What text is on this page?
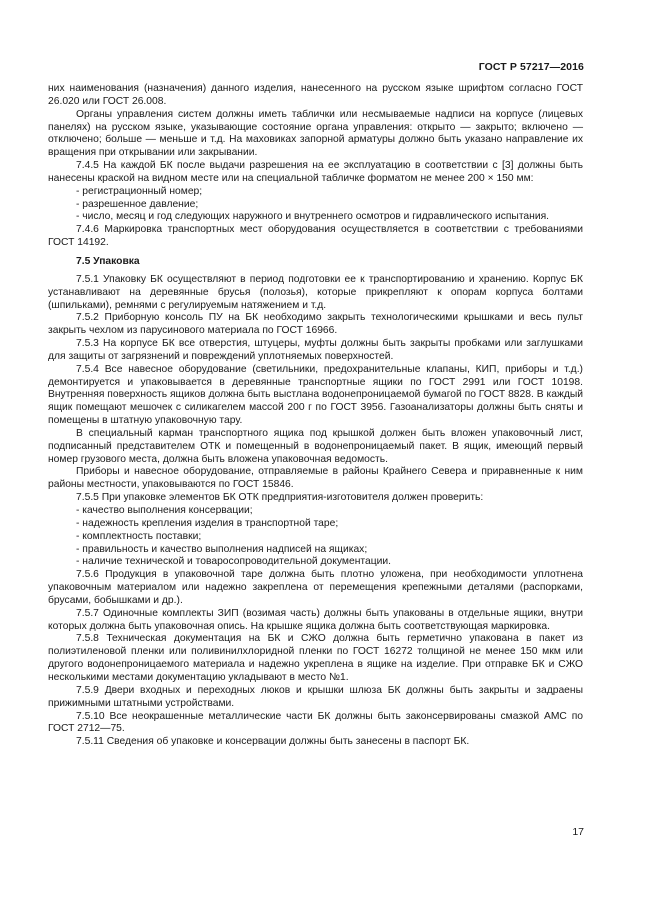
ГОСТ Р 57217—2016

них наименования (назначения) данного изделия, нанесенного на русском языке шрифтом согласно ГОСТ 26.020 или ГОСТ 26.008.

Органы управления систем должны иметь таблички или несмываемые надписи на корпусе (лицевых панелях) на русском языке, указывающие состояние органа управления: открыто — закрыто; включено — отключено; больше — меньше и т.д. На маховиках запорной арматуры должно быть указано направление их вращения при открывании или закрывании.

7.4.5 На каждой БК после выдачи разрешения на ее эксплуатацию в соответствии с [3] должны быть нанесены краской на видном месте или на специальной табличке форматом не менее 200 × 150 мм:

- регистрационный номер;

- разрешенное давление;

- число, месяц и год следующих наружного и внутреннего осмотров и гидравлического испытания.

7.4.6 Маркировка транспортных мест оборудования осуществляется в соответствии с требованиями ГОСТ 14192.

7.5 Упаковка

7.5.1 Упаковку БК осуществляют в период подготовки ее к транспортированию и хранению. Корпус БК устанавливают на деревянные брусья (полозья), которые прикрепляют к опорам корпуса болтами (шпильками), ремнями с регулируемым натяжением и т.д.

7.5.2 Приборную консоль ПУ на БК необходимо закрыть технологическими крышками и весь пульт закрыть чехлом из парусинового материала по ГОСТ 16966.

7.5.3 На корпусе БК все отверстия, штуцеры, муфты должны быть закрыты пробками или заглушками для защиты от загрязнений и повреждений уплотняемых поверхностей.

7.5.4 Все навесное оборудование (светильники, предохранительные клапаны, КИП, приборы и т.д.) демонтируется и упаковывается в деревянные транспортные ящики по ГОСТ 2991 или ГОСТ 10198. Внутренняя поверхность ящиков должна быть выстлана водонепроницаемой бумагой по ГОСТ 8828. В каждый ящик помещают мешочек с силикагелем массой 200 г по ГОСТ 3956. Газоанализаторы должны быть сняты и помещены в штатную упаковочную тару.

В специальный карман транспортного ящика под крышкой должен быть вложен упаковочный лист, подписанный представителем ОТК и помещенный в водонепроницаемый пакет. В ящик, имеющий первый номер грузового места, должна быть вложена упаковочная ведомость.

Приборы и навесное оборудование, отправляемые в районы Крайнего Севера и приравненные к ним районы местности, упаковываются по ГОСТ 15846.

7.5.5 При упаковке элементов БК ОТК предприятия-изготовителя должен проверить:

- качество выполнения консервации;

- надежность крепления изделия в транспортной таре;

- комплектность поставки;

- правильность и качество выполнения надписей на ящиках;

- наличие технической и товаросопроводительной документации.

7.5.6 Продукция в упаковочной таре должна быть плотно уложена, при необходимости уплотнена упаковочным материалом или надежно закреплена от перемещения крепежными деталями (распорками, брусами, бобышками и др.).

7.5.7 Одиночные комплекты ЗИП (возимая часть) должны быть упакованы в отдельные ящики, внутри которых должна быть упаковочная опись. На крышке ящика должна быть соответствующая маркировка.

7.5.8 Техническая документация на БК и СЖО должна быть герметично упакована в пакет из полиэтиленовой пленки или поливинилхлоридной пленки по ГОСТ 16272 толщиной не менее 150 мкм или другого водонепроницаемого материала и надежно укреплена в ящике на изделие. При отправке БК и СЖО несколькими местами документацию укладывают в место №1.

7.5.9 Двери входных и переходных люков и крышки шлюза БК должны быть закрыты и задраены прижимными штатными устройствами.

7.5.10 Все неокрашенные металлические части БК должны быть законсервированы смазкой АМС по ГОСТ 2712—75.

7.5.11 Сведения об упаковке и консервации должны быть занесены в паспорт БК.

17
